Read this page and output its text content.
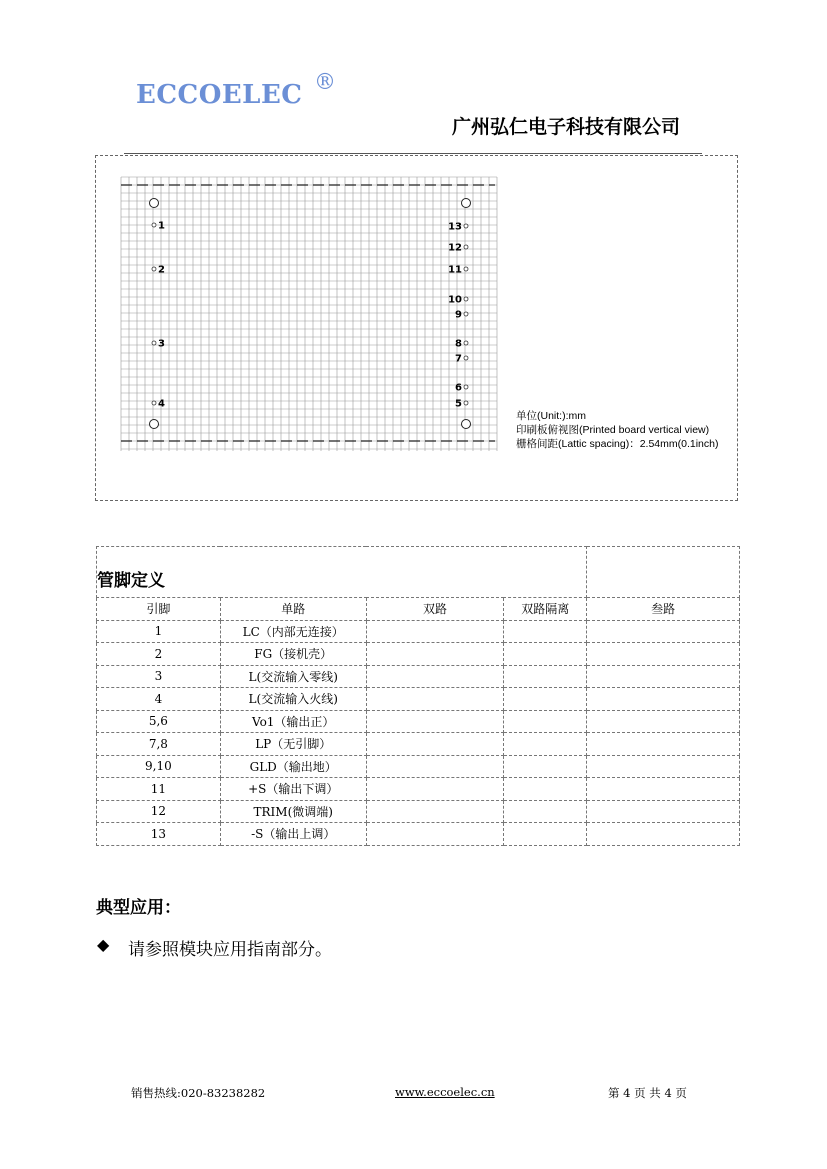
ECCOELEC ®
广州弘仁电子科技有限公司
1
2
3
4
13
12
11
10
9
8
7
6
5
单位(Unit:):mm
印刷板俯视图(Printed board vertical view)
栅格间距(Lattic spacing)：2.54mm(0.1inch)
管脚定义				
引脚	单路	双路	双路隔离	叁路
1	LC（内部无连接）			
2	FG（接机壳）			
3	L(交流输入零线)			
4	L(交流输入火线)			
5,6	Vo1（输出正）			
7,8	LP（无引脚）			
9,10	GLD（输出地）			
11	+S（输出下调）			
12	TRIM(微调端)			
13	-S（输出上调）			
典型应用：
◆ 请参照模块应用指南部分。
销售热线:020-83238282	www.eccoelec.cn	第 4 页 共 4 页
